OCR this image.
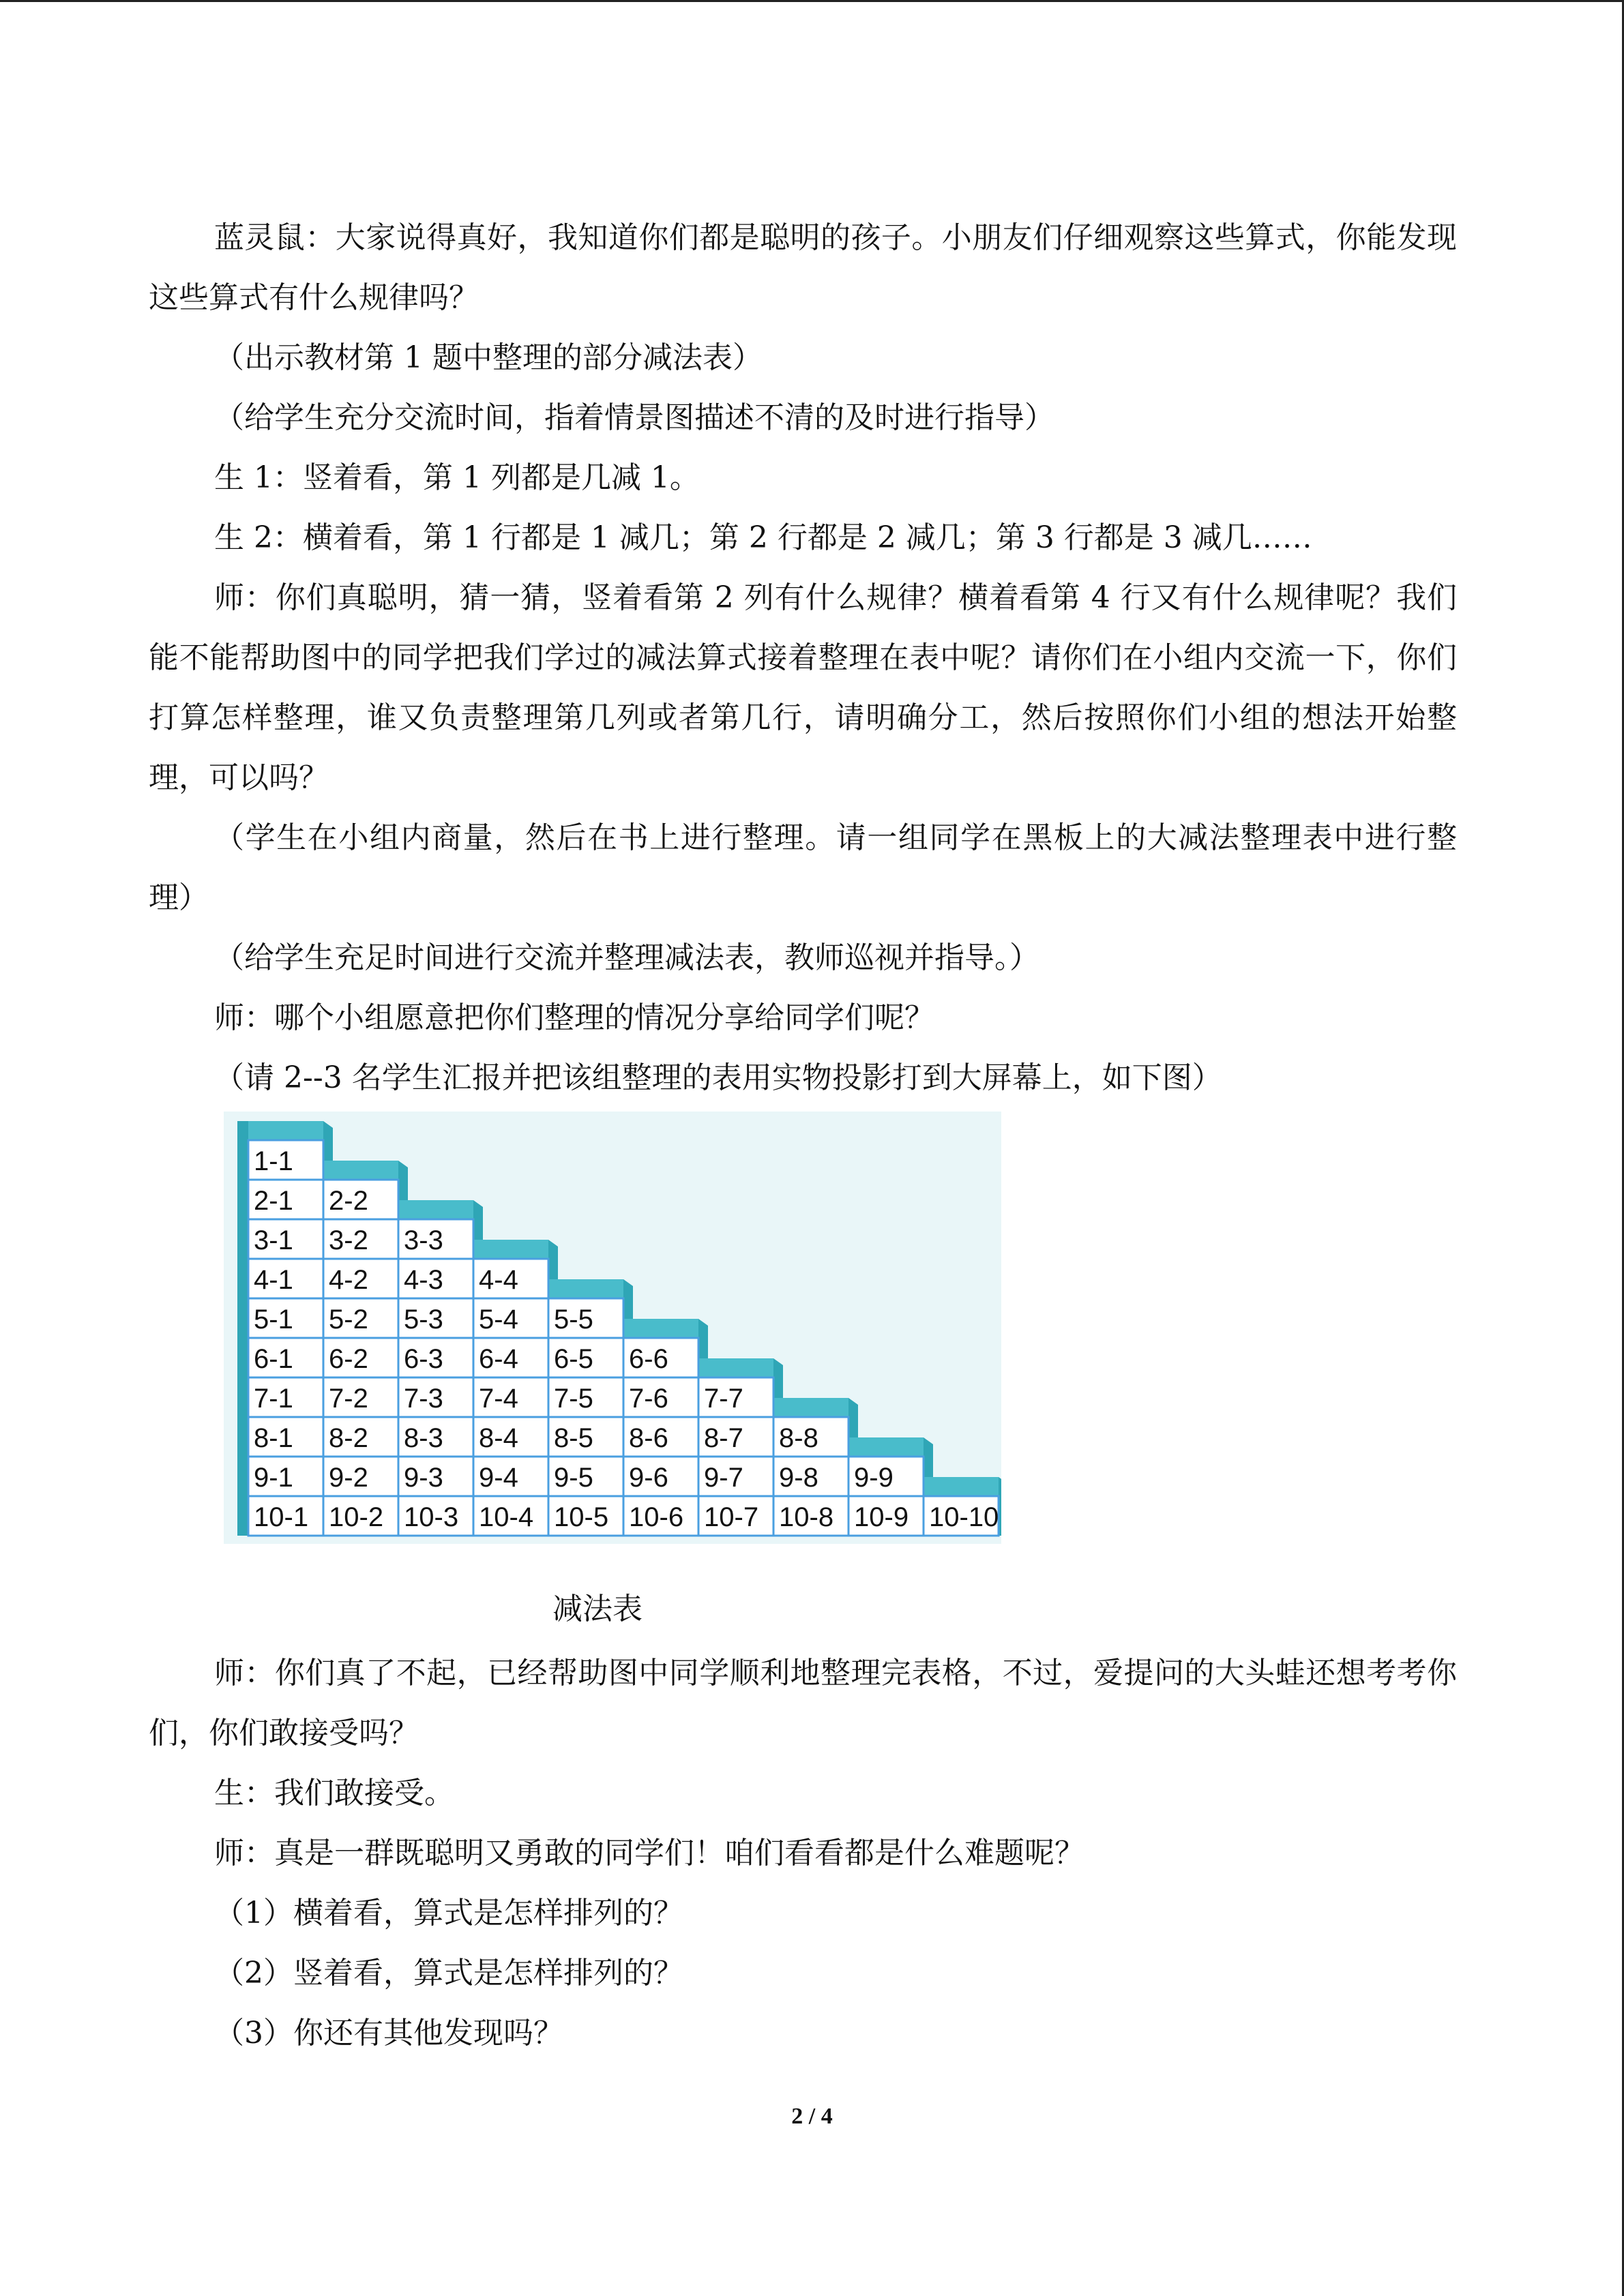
蓝灵鼠：大家说得真好，我知道你们都是聪明的孩子。小朋友们仔细观察这些算式，你能发现这些算式有什么规律吗？

（出示教材第 1 题中整理的部分减法表）

（给学生充分交流时间，指着情景图描述不清的及时进行指导）

生 1：竖着看，第 1 列都是几减 1。

生 2：横着看，第 1 行都是 1 减几；第 2 行都是 2 减几；第 3 行都是 3 减几……

师：你们真聪明，猜一猜，竖着看第 2 列有什么规律？横着看第 4 行又有什么规律呢？我们能不能帮助图中的同学把我们学过的减法算式接着整理在表中呢？请你们在小组内交流一下，你们打算怎样整理，谁又负责整理第几列或者第几行，请明确分工，然后按照你们小组的想法开始整理，可以吗？

（学生在小组内商量，然后在书上进行整理。请一组同学在黑板上的大减法整理表中进行整理）

（给学生充足时间进行交流并整理减法表，教师巡视并指导。）

师：哪个小组愿意把你们整理的情况分享给同学们呢？

（请 2--3 名学生汇报并把该组整理的表用实物投影打到大屏幕上，如下图）

1-1
2-1 2-2
3-1 3-2 3-3
4-1 4-2 4-3 4-4
5-1 5-2 5-3 5-4 5-5
6-1 6-2 6-3 6-4 6-5 6-6
7-1 7-2 7-3 7-4 7-5 7-6 7-7
8-1 8-2 8-3 8-4 8-5 8-6 8-7 8-8
9-1 9-2 9-3 9-4 9-5 9-6 9-7 9-8 9-9
10-1 10-2 10-3 10-4 10-5 10-6 10-7 10-8 10-9 10-10
减法表

师：你们真了不起，已经帮助图中同学顺利地整理完表格，不过，爱提问的大头蛙还想考考你们，你们敢接受吗？

生：我们敢接受。

师：真是一群既聪明又勇敢的同学们！咱们看看都是什么难题呢？

（1）横着看，算式是怎样排列的？

（2）竖着看，算式是怎样排列的？

（3）你还有其他发现吗？

2 / 4
